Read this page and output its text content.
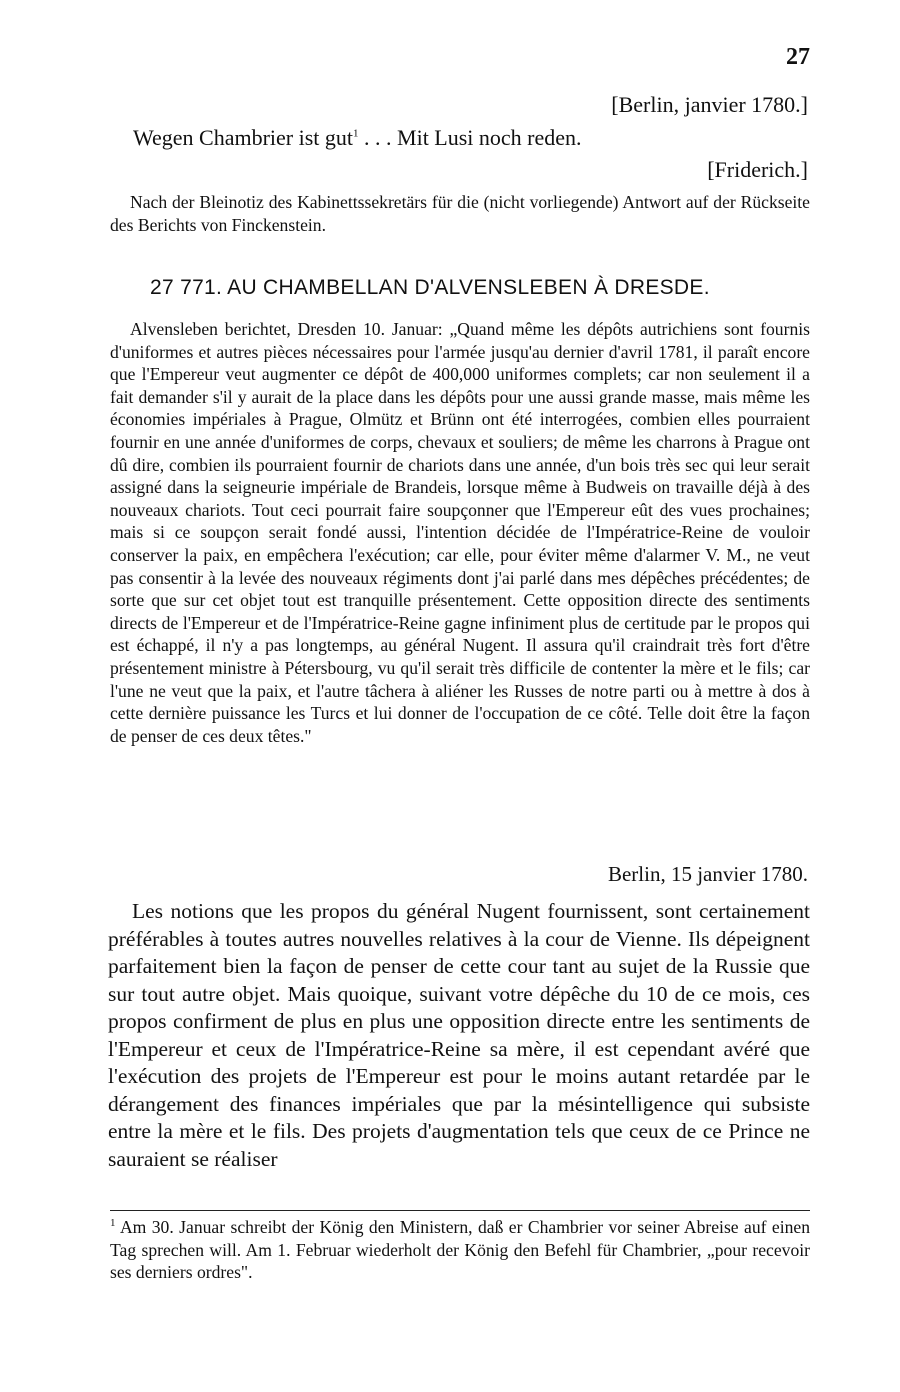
27
[Berlin, janvier 1780.]
Wegen Chambrier ist gut$^1$ . . . Mit Lusi noch reden.
[Friderich.]
Nach der Bleinotiz des Kabinettssekretärs für die (nicht vorliegende) Antwort auf der Rückseite des Berichts von Finckenstein.
27 771. AU CHAMBELLAN D'ALVENSLEBEN À DRESDE.
Alvensleben berichtet, Dresden 10. Januar: „Quand même les dépôts autrichiens sont fournis d'uniformes et autres pièces nécessaires pour l'armée jusqu'au dernier d'avril 1781, il paraît encore que l'Empereur veut augmenter ce dépôt de 400,000 uniformes complets; car non seulement il a fait demander s'il y aurait de la place dans les dépôts pour une aussi grande masse, mais même les économies impériales à Prague, Olmütz et Brünn ont été interrogées, combien elles pourraient fournir en une année d'uniformes de corps, chevaux et souliers; de même les charrons à Prague ont dû dire, combien ils pourraient fournir de chariots dans une année, d'un bois très sec qui leur serait assigné dans la seigneurie impériale de Brandeis, lorsque même à Budweis on travaille déjà à des nouveaux chariots. Tout ceci pourrait faire soupçonner que l'Empereur eût des vues prochaines; mais si ce soupçon serait fondé aussi, l'intention décidée de l'Impératrice-Reine de vouloir conserver la paix, en empêchera l'exécution; car elle, pour éviter même d'alarmer V. M., ne veut pas consentir à la levée des nouveaux régiments dont j'ai parlé dans mes dépêches précédentes; de sorte que sur cet objet tout est tranquille présentement. Cette opposition directe des sentiments directs de l'Empereur et de l'Impératrice-Reine gagne infiniment plus de certitude par le propos qui est échappé, il n'y a pas longtemps, au général Nugent. Il assura qu'il craindrait très fort d'être présentement ministre à Pétersbourg, vu qu'il serait très difficile de contenter la mère et le fils; car l'une ne veut que la paix, et l'autre tâchera à aliéner les Russes de notre parti ou à mettre à dos à cette dernière puissance les Turcs et lui donner de l'occupation de ce côté. Telle doit être la façon de penser de ces deux têtes."
Berlin, 15 janvier 1780.
Les notions que les propos du général Nugent fournissent, sont certainement préférables à toutes autres nouvelles relatives à la cour de Vienne. Ils dépeignent parfaitement bien la façon de penser de cette cour tant au sujet de la Russie que sur tout autre objet. Mais quoique, suivant votre dépêche du 10 de ce mois, ces propos confirment de plus en plus une opposition directe entre les sentiments de l'Empereur et ceux de l'Impératrice-Reine sa mère, il est cependant avéré que l'exécution des projets de l'Empereur est pour le moins autant retardée par le dérangement des finances impériales que par la mésintelligence qui subsiste entre la mère et le fils. Des projets d'augmentation tels que ceux de ce Prince ne sauraient se réaliser
$^1$ Am 30. Januar schreibt der König den Ministern, daß er Chambrier vor seiner Abreise auf einen Tag sprechen will. Am 1. Februar wiederholt der König den Befehl für Chambrier, „pour recevoir ses derniers ordres".
